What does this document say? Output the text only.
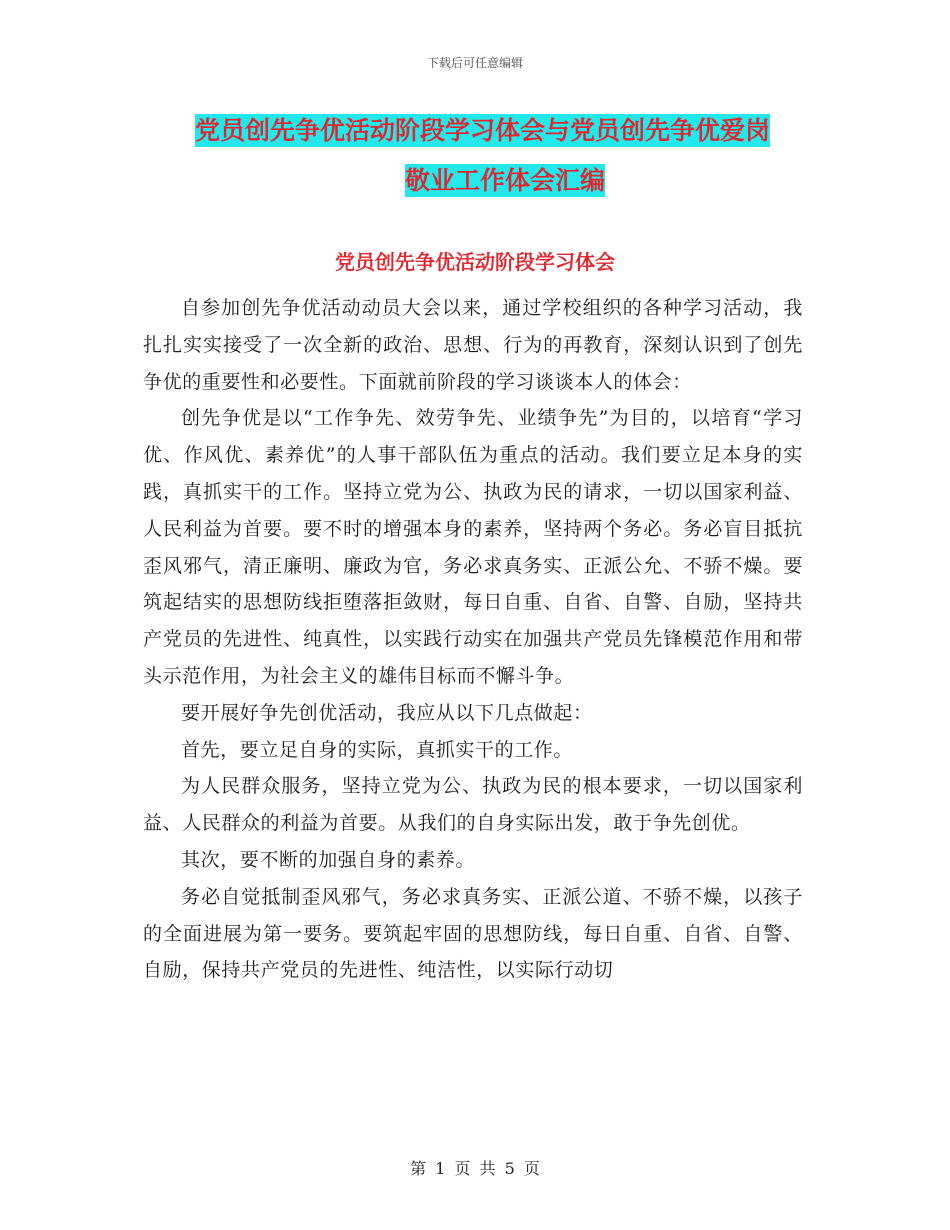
下载后可任意编辑
党员创先争优活动阶段学习体会与党员创先争优爱岗
敬业工作体会汇编
党员创先争优活动阶段学习体会

自参加创先争优活动动员大会以来，通过学校组织的各种学习活动，我扎扎实实接受了一次全新的政治、思想、行为的再教育，深刻认识到了创先争优的重要性和必要性。下面就前阶段的学习谈谈本人的体会：

创先争优是以“工作争先、效劳争先、业绩争先”为目的，以培育“学习优、作风优、素养优”的人事干部队伍为重点的活动。我们要立足本身的实践，真抓实干的工作。坚持立党为公、执政为民的请求，一切以国家利益、人民利益为首要。要不时的增强本身的素养，坚持两个务必。务必盲目抵抗歪风邪气，清正廉明、廉政为官，务必求真务实、正派公允、不骄不燥。要筑起结实的思想防线拒堕落拒敛财，每日自重、自省、自警、自励，坚持共产党员的先进性、纯真性，以实践行动实在加强共产党员先锋模范作用和带头示范作用，为社会主义的雄伟目标而不懈斗争。

要开展好争先创优活动，我应从以下几点做起：

首先，要立足自身的实际，真抓实干的工作。

为人民群众服务，坚持立党为公、执政为民的根本要求，一切以国家利益、人民群众的利益为首要。从我们的自身实际出发，敢于争先创优。

其次，要不断的加强自身的素养。

务必自觉抵制歪风邪气，务必求真务实、正派公道、不骄不燥，以孩子的全面进展为第一要务。要筑起牢固的思想防线，每日自重、自省、自警、自励，保持共产党员的先进性、纯洁性，以实际行动切

第 1 页 共 5 页
